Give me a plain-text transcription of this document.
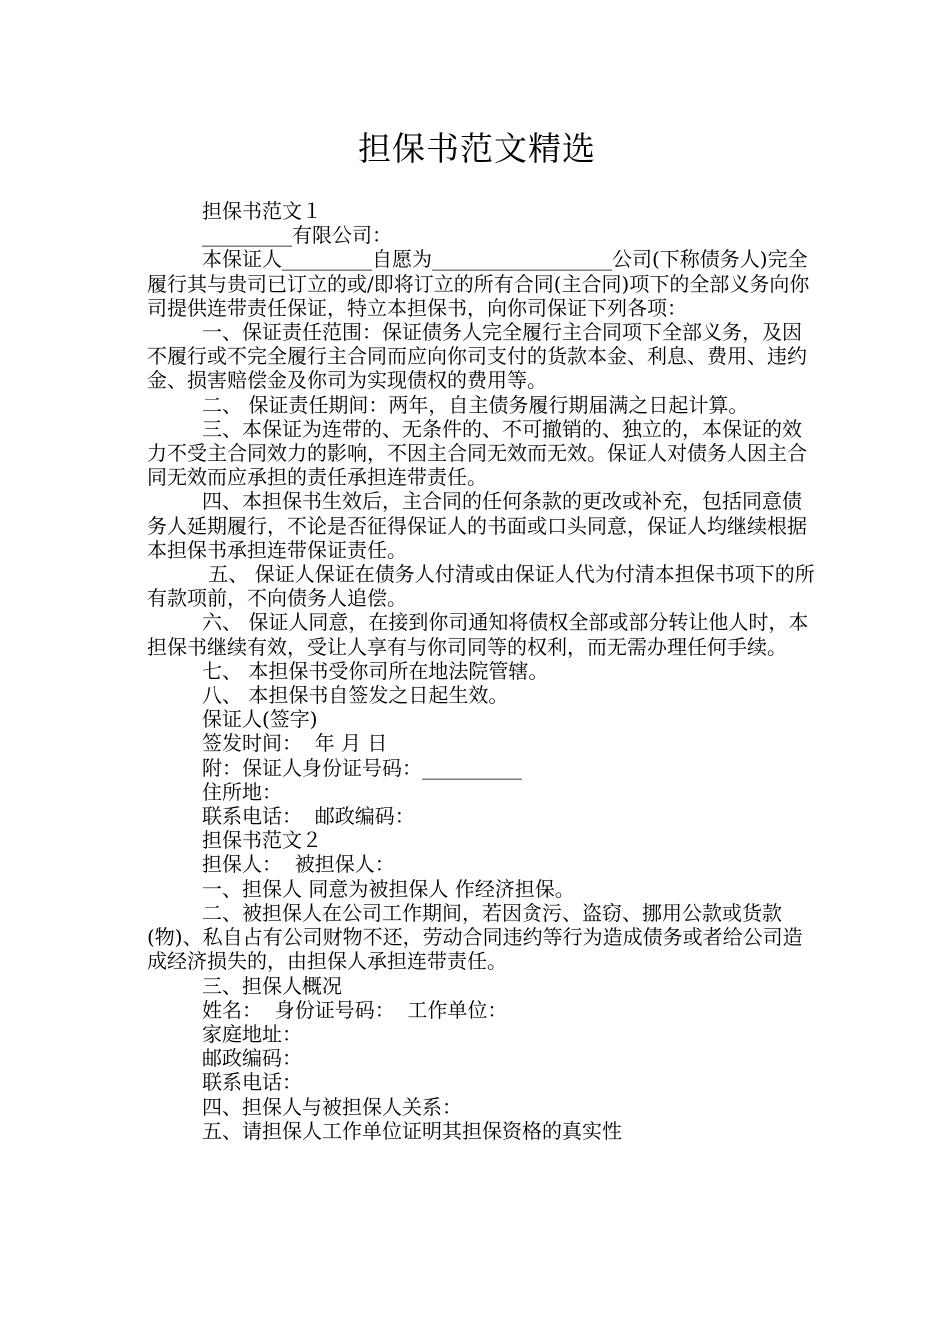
担保书范文精选

担保书范文１

_________有限公司：

本保证人_________自愿为__________________公司(下称债务人)完全履行其与贵司已订立的或/即将订立的所有合同(主合同)项下的全部义务向你司提供连带责任保证，特立本担保书，向你司保证下列各项：

一、保证责任范围：保证债务人完全履行主合同项下全部义务，及因不履行或不完全履行主合同而应向你司支付的货款本金、利息、费用、违约金、损害赔偿金及你司为实现债权的费用等。

二、 保证责任期间：两年，自主债务履行期届满之日起计算。

三、本保证为连带的、无条件的、不可撤销的、独立的，本保证的效力不受主合同效力的影响，不因主合同无效而无效。保证人对债务人因主合同无效而应承担的责任承担连带责任。

四、本担保书生效后，主合同的任何条款的更改或补充，包括同意债务人延期履行，不论是否征得保证人的书面或口头同意，保证人均继续根据本担保书承担连带保证责任。

五、 保证人保证在债务人付清或由保证人代为付清本担保书项下的所有款项前，不向债务人追偿。

六、 保证人同意，在接到你司通知将债权全部或部分转让他人时，本担保书继续有效，受让人享有与你司同等的权利，而无需办理任何手续。

七、 本担保书受你司所在地法院管辖。

八、 本担保书自签发之日起生效。

保证人(签字)

签发时间：  年 月 日

附：保证人身份证号码：__________

住所地：

联系电话：  邮政编码：

担保书范文２

担保人：  被担保人：

一、担保人 同意为被担保人 作经济担保。

二、被担保人在公司工作期间，若因贪污、盗窃、挪用公款或货款(物)、私自占有公司财物不还，劳动合同违约等行为造成债务或者给公司造成经济损失的，由担保人承担连带责任。

三、担保人概况

姓名：  身份证号码：  工作单位：

家庭地址：

邮政编码：

联系电话：

四、担保人与被担保人关系：

五、请担保人工作单位证明其担保资格的真实性
